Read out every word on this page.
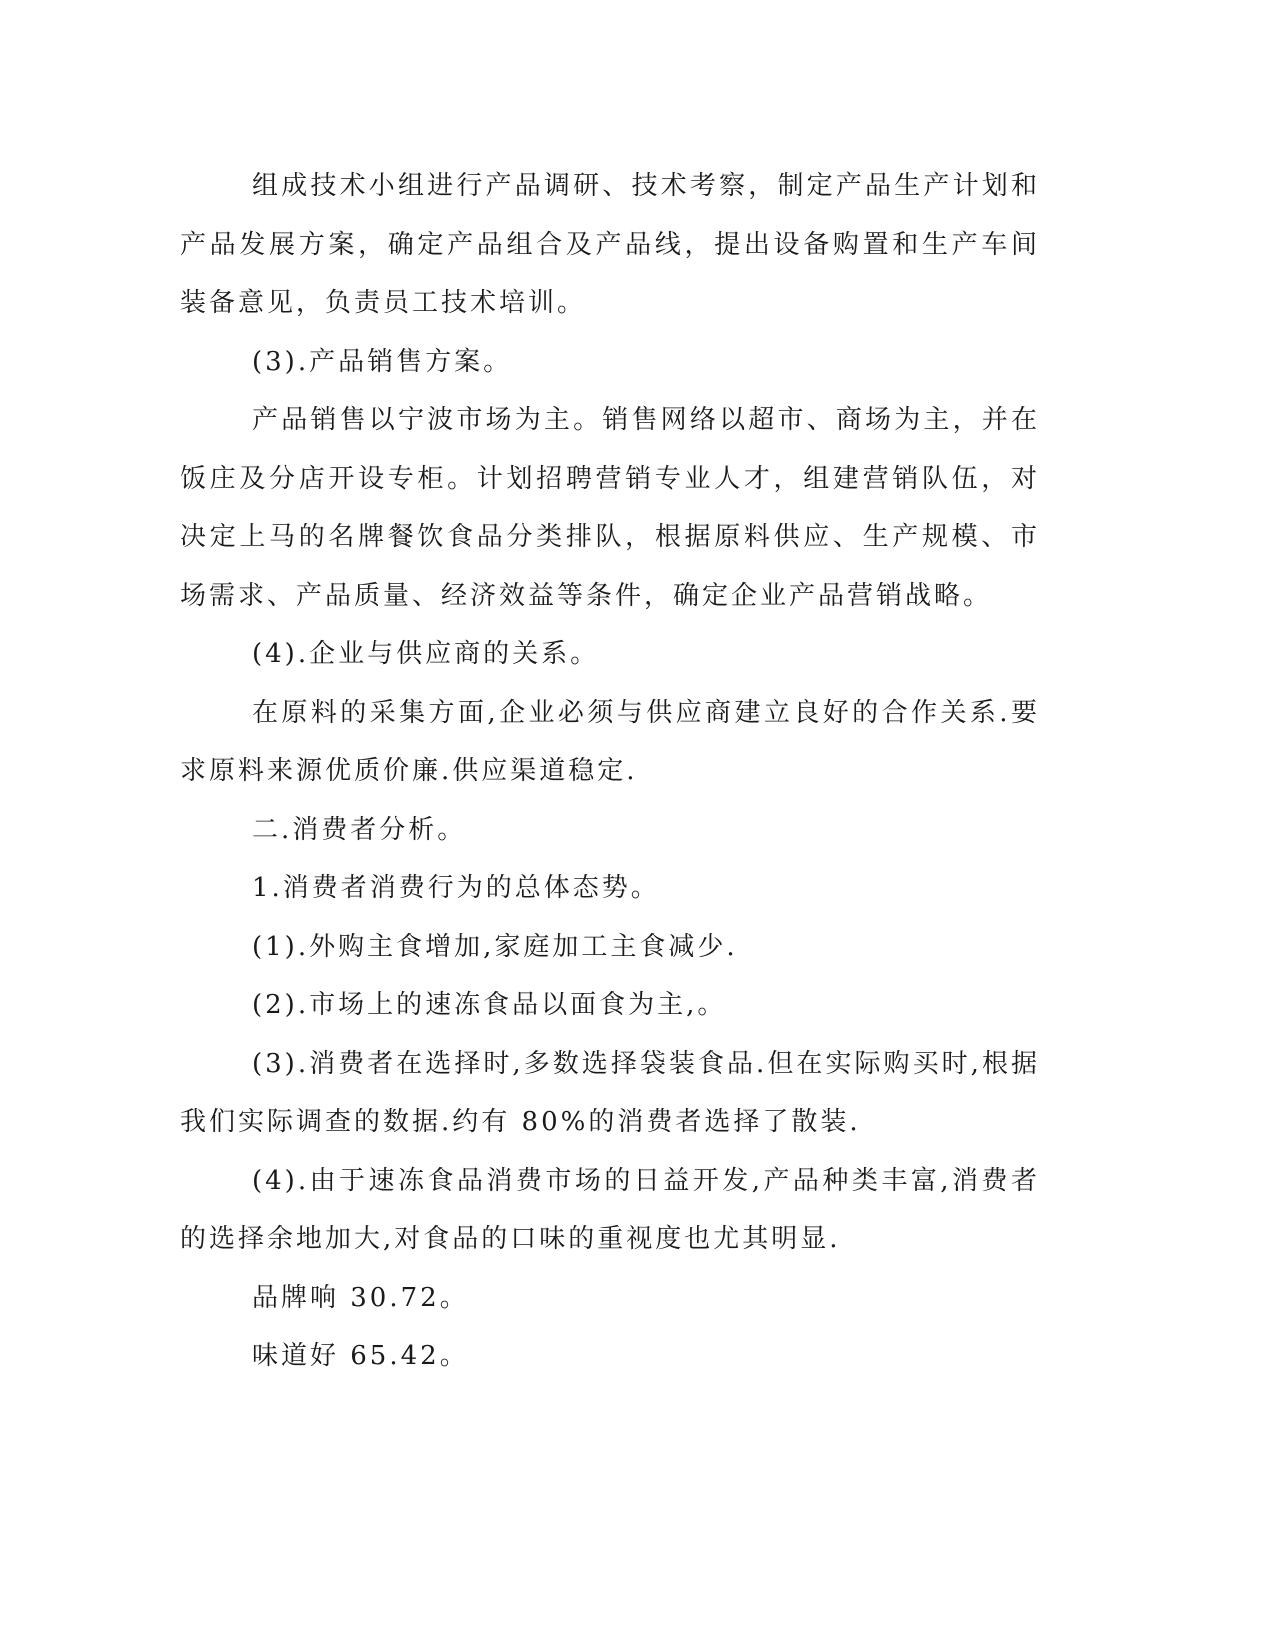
组成技术小组进行产品调研、技术考察，制定产品生产计划和产品发展方案，确定产品组合及产品线，提出设备购置和生产车间装备意见，负责员工技术培训。

(3).产品销售方案。

产品销售以宁波市场为主。销售网络以超市、商场为主，并在饭庄及分店开设专柜。计划招聘营销专业人才，组建营销队伍，对决定上马的名牌餐饮食品分类排队，根据原料供应、生产规模、市场需求、产品质量、经济效益等条件，确定企业产品营销战略。

(4).企业与供应商的关系。

在原料的采集方面,企业必须与供应商建立良好的合作关系.要求原料来源优质价廉.供应渠道稳定.

二.消费者分析。

1.消费者消费行为的总体态势。

(1).外购主食增加,家庭加工主食减少.

(2).市场上的速冻食品以面食为主,。

(3).消费者在选择时,多数选择袋装食品.但在实际购买时,根据我们实际调查的数据.约有 80%的消费者选择了散装.

(4).由于速冻食品消费市场的日益开发,产品种类丰富,消费者的选择余地加大,对食品的口味的重视度也尤其明显.

品牌响 30.72。

味道好 65.42。
